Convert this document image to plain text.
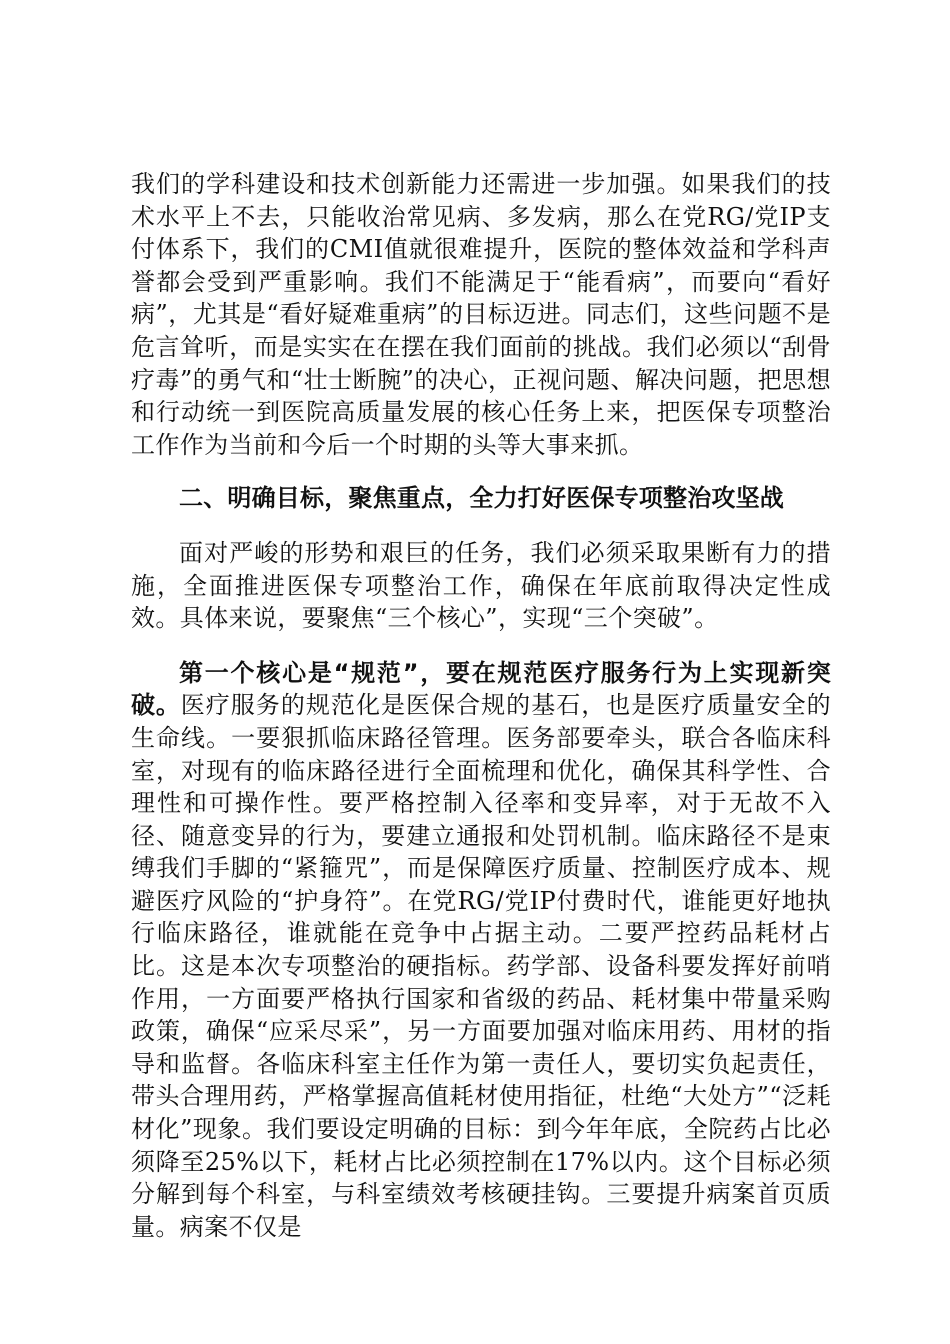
我们的学科建设和技术创新能力还需进一步加强。如果我们的技术水平上不去，只能收治常见病、多发病，那么在党RG/党IP支付体系下，我们的CMI值就很难提升，医院的整体效益和学科声誉都会受到严重影响。我们不能满足于“能看病”，而要向“看好病”，尤其是“看好疑难重病”的目标迈进。同志们，这些问题不是危言耸听，而是实实在在摆在我们面前的挑战。我们必须以“刮骨疗毒”的勇气和“壮士断腕”的决心，正视问题、解决问题，把思想和行动统一到医院高质量发展的核心任务上来，把医保专项整治工作作为当前和今后一个时期的头等大事来抓。

二、明确目标，聚焦重点，全力打好医保专项整治攻坚战

面对严峻的形势和艰巨的任务，我们必须采取果断有力的措施，全面推进医保专项整治工作，确保在年底前取得决定性成效。具体来说，要聚焦“三个核心”，实现“三个突破”。

第一个核心是“规范”，要在规范医疗服务行为上实现新突破。医疗服务的规范化是医保合规的基石，也是医疗质量安全的生命线。一要狠抓临床路径管理。医务部要牵头，联合各临床科室，对现有的临床路径进行全面梳理和优化，确保其科学性、合理性和可操作性。要严格控制入径率和变异率，对于无故不入径、随意变异的行为，要建立通报和处罚机制。临床路径不是束缚我们手脚的“紧箍咒”，而是保障医疗质量、控制医疗成本、规避医疗风险的“护身符”。在党RG/党IP付费时代，谁能更好地执行临床路径，谁就能在竞争中占据主动。二要严控药品耗材占比。这是本次专项整治的硬指标。药学部、设备科要发挥好前哨作用，一方面要严格执行国家和省级的药品、耗材集中带量采购政策，确保“应采尽采”，另一方面要加强对临床用药、用材的指导和监督。各临床科室主任作为第一责任人，要切实负起责任，带头合理用药，严格掌握高值耗材使用指征，杜绝“大处方”“泛耗材化”现象。我们要设定明确的目标：到今年年底，全院药占比必须降至25%以下，耗材占比必须控制在17%以内。这个目标必须分解到每个科室，与科室绩效考核硬挂钩。三要提升病案首页质量。病案不仅是
